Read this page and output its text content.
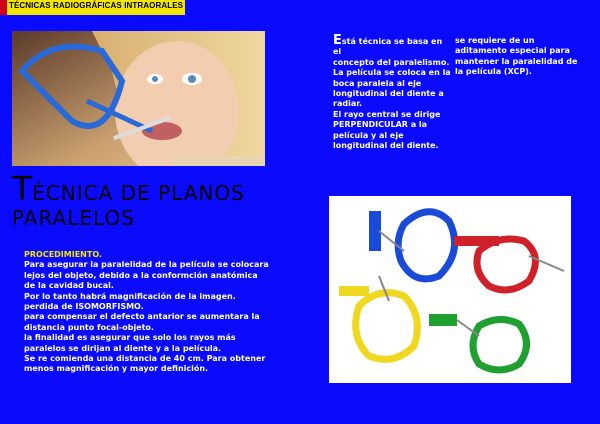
TÉCNICAS RADIOGRÁFICAS INTRAORALES
TÉCNICA DE PLANOS
PARALELOS
PROCEDIMIENTO.
Para asegurar la paralelidad de la película se colocara
lejos del objeto, debido a la conformción anatómica
de la cavidad bucal.
Por lo tanto habrá magnificación de la imagen.
perdida de ISOMORFISMO.
para compensar el defecto antarior se aumentara la
distancia punto focal-objeto.
la finalidad es asegurar que solo los rayos más
paralelos se dirijan al diente y a la película.
Se re comienda una distancia de 40 cm. Para obtener
menos magnificación y mayor definición.
Está técnica se basa en el
concepto del paralelismo.
La película se coloca en la
boca paralela al eje
longitudinal del diente a
radiar.
El rayo central se dirige
PERPENDICULAR a la
película y al eje
longitudinal del diente.
se requiere de un
aditamento especial para
mantener la paralelidad de
la película (XCP).
